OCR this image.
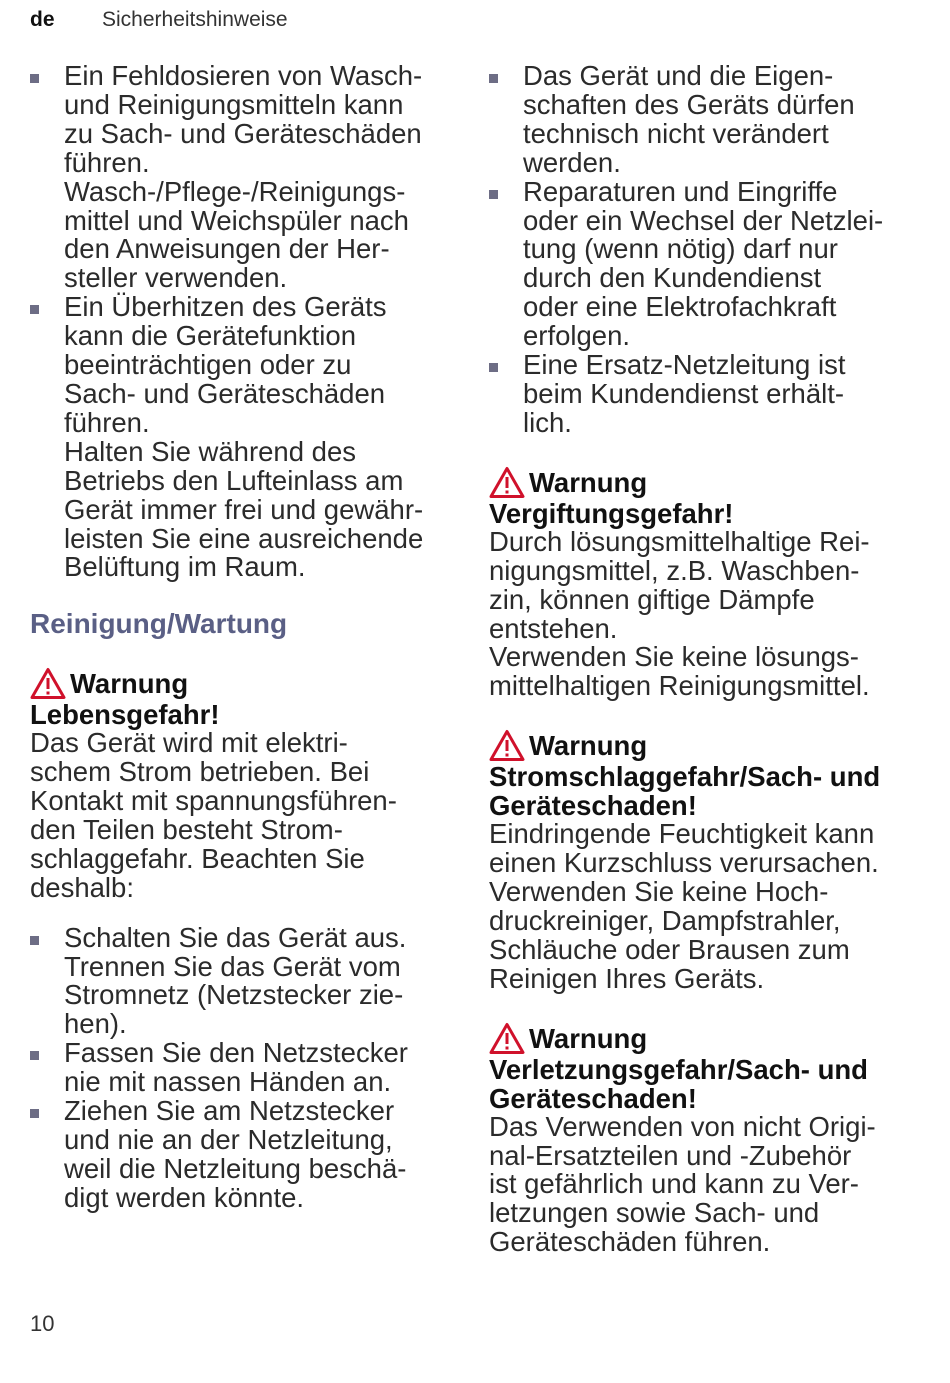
de Sicherheitshinweise
Ein Fehldosieren von Wasch-
und Reinigungsmitteln kann
zu Sach- und Geräteschäden
führen.
Wasch-/Pflege-/Reinigungs-
mittel und Weichspüler nach
den Anweisungen der Her-
steller verwenden.
Ein Überhitzen des Geräts
kann die Gerätefunktion
beeinträchtigen oder zu
Sach- und Geräteschäden
führen.
Halten Sie während des
Betriebs den Lufteinlass am
Gerät immer frei und gewähr-
leisten Sie eine ausreichende
Belüftung im Raum.
Reinigung/Wartung
Warnung
Lebensgefahr!
Das Gerät wird mit elektri-
schem Strom betrieben. Bei
Kontakt mit spannungsführen-
den Teilen besteht Strom-
schlaggefahr. Beachten Sie
deshalb:
Schalten Sie das Gerät aus.
Trennen Sie das Gerät vom
Stromnetz (Netzstecker zie-
hen).
Fassen Sie den Netzstecker
nie mit nassen Händen an.
Ziehen Sie am Netzstecker
und nie an der Netzleitung,
weil die Netzleitung beschä-
digt werden könnte.
Das Gerät und die Eigen-
schaften des Geräts dürfen
technisch nicht verändert
werden.
Reparaturen und Eingriffe
oder ein Wechsel der Netzlei-
tung (wenn nötig) darf nur
durch den Kundendienst
oder eine Elektrofachkraft
erfolgen.
Eine Ersatz-Netzleitung ist
beim Kundendienst erhält-
lich.
Warnung
Vergiftungsgefahr!
Durch lösungsmittelhaltige Rei-
nigungsmittel, z.B. Waschben-
zin, können giftige Dämpfe
entstehen.
Verwenden Sie keine lösungs-
mittelhaltigen Reinigungsmittel.
Warnung
Stromschlaggefahr/Sach- und
Geräteschaden!
Eindringende Feuchtigkeit kann
einen Kurzschluss verursachen.
Verwenden Sie keine Hoch-
druckreiniger, Dampfstrahler,
Schläuche oder Brausen zum
Reinigen Ihres Geräts.
Warnung
Verletzungsgefahr/Sach- und
Geräteschaden!
Das Verwenden von nicht Origi-
nal-Ersatzteilen und -Zubehör
ist gefährlich und kann zu Ver-
letzungen sowie Sach- und
Geräteschäden führen.
10
